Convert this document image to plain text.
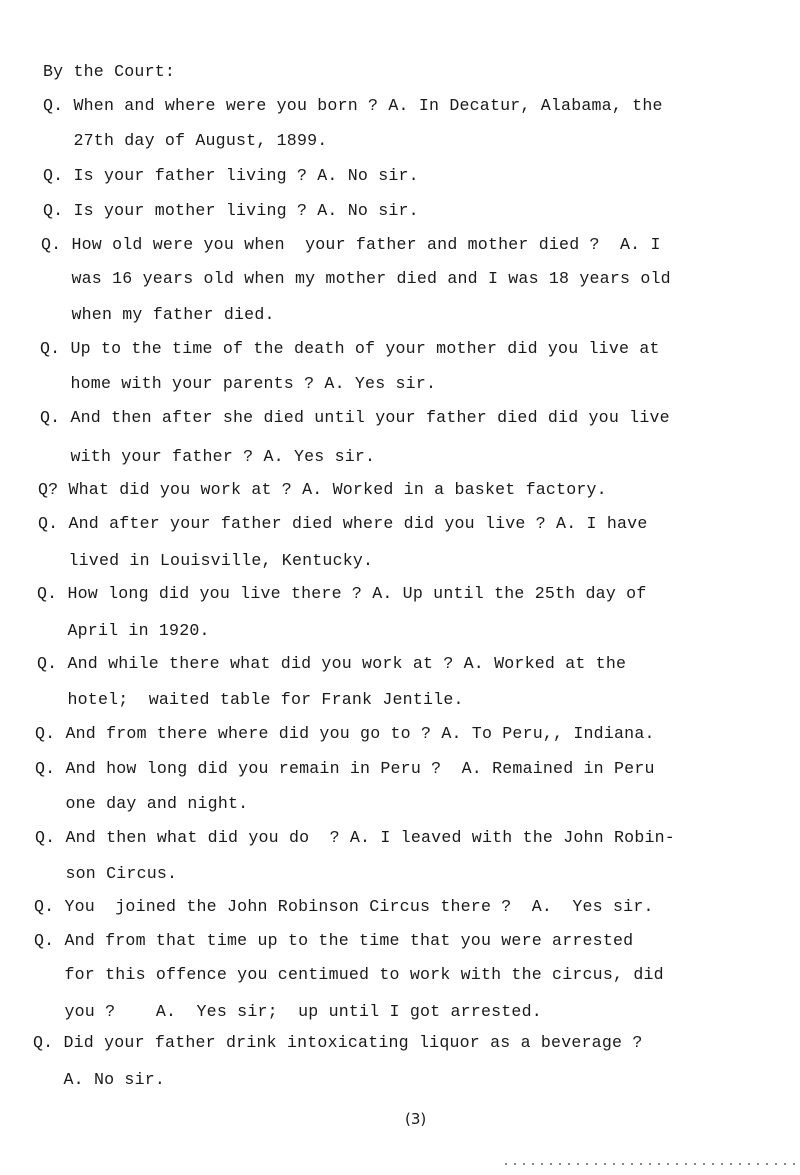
By the Court:
Q. When and where were you born ? A. In Decatur, Alabama, the
27th day of August, 1899.
Q. Is your father living ? A. No sir.
Q. Is your mother living ? A. No sir.
Q. How old were you when  your father and mother died ?  A. I
was 16 years old when my mother died and I was 18 years old
when my father died.
Q. Up to the time of the death of your mother did you live at
home with your parents ? A. Yes sir.
Q. And then after she died until your father died did you live
with your father ? A. Yes sir.
Q? What did you work at ? A. Worked in a basket factory.
Q. And after your father died where did you live ? A. I have
lived in Louisville, Kentucky.
Q. How long did you live there ? A. Up until the 25th day of
April in 1920.
Q. And while there what did you work at ? A. Worked at the
hotel;  waited table for Frank Jentile.
Q. And from there where did you go to ? A. To Peru,, Indiana.
Q. And how long did you remain in Peru ?  A. Remained in Peru
one day and night.
Q. And then what did you do  ? A. I leaved with the John Robin-
son Circus.
Q. You  joined the John Robinson Circus there ?  A.  Yes sir.
Q. And from that time up to the time that you were arrested
for this offence you centimued to work with the circus, did
you ?    A.  Yes sir;  up until I got arrested.
Q. Did your father drink intoxicating liquor as a beverage ?
A. No sir.
(3)
